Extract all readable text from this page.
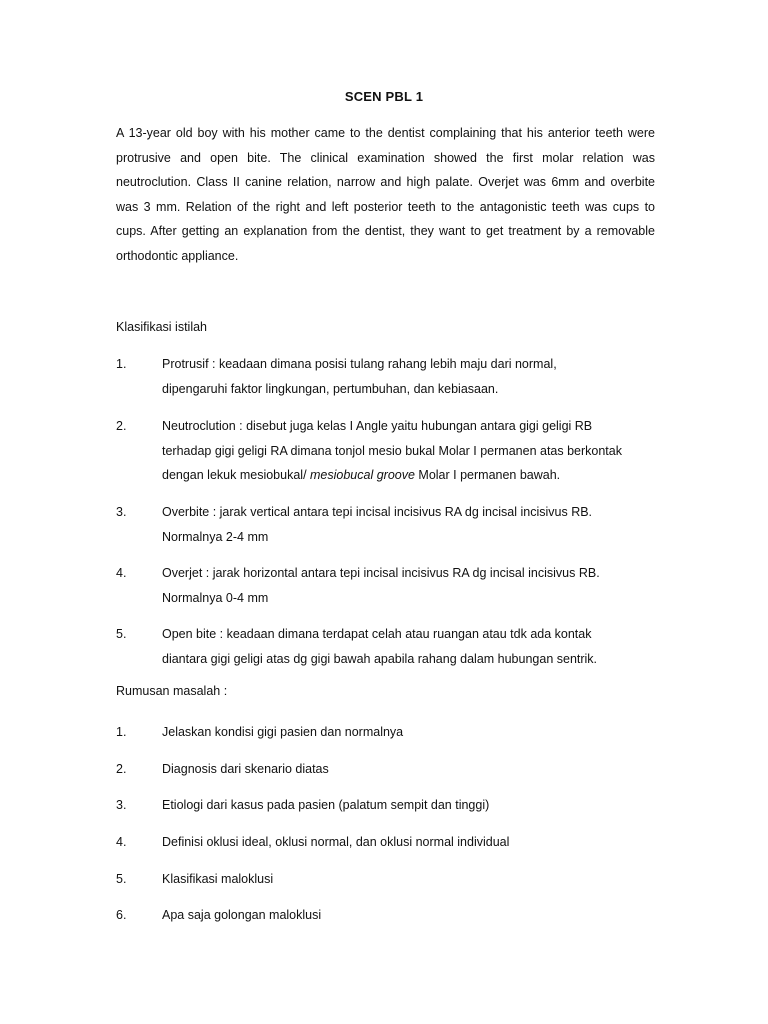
SCEN PBL 1

A 13-year old boy with his mother came to the dentist complaining that his anterior teeth were protrusive and open bite. The clinical examination showed the first molar relation was neutroclution. Class II canine relation, narrow and high palate. Overjet was 6mm and overbite was 3 mm. Relation of the right and left posterior teeth to the antagonistic teeth was cups to cups. After getting an explanation from the dentist, they want to get treatment by a removable orthodontic appliance.

Klasifikasi istilah

1.	Protrusif : keadaan dimana posisi tulang rahang lebih maju dari normal,
dipengaruhi faktor lingkungan, pertumbuhan, dan kebiasaan.
2.	Neutroclution : disebut juga kelas I Angle yaitu hubungan antara gigi geligi RB
terhadap gigi geligi RA dimana tonjol mesio bukal Molar I permanen atas berkontak
dengan lekuk mesiobukal/ mesiobucal groove Molar I permanen bawah.
3.	Overbite : jarak vertical antara tepi incisal incisivus RA dg incisal incisivus RB.
Normalnya 2-4 mm
4.	Overjet : jarak horizontal antara tepi incisal incisivus RA dg incisal incisivus RB.
Normalnya 0-4 mm
5.	Open bite : keadaan dimana terdapat celah atau ruangan atau tdk ada kontak
diantara gigi geligi atas dg gigi bawah apabila rahang dalam hubungan sentrik.

Rumusan masalah :

1.	Jelaskan kondisi gigi pasien dan normalnya
2.	Diagnosis dari skenario diatas
3.	Etiologi dari kasus pada pasien (palatum sempit dan tinggi)
4.	Definisi oklusi ideal, oklusi normal, dan oklusi normal individual
5.	Klasifikasi maloklusi
6.	Apa saja golongan maloklusi
